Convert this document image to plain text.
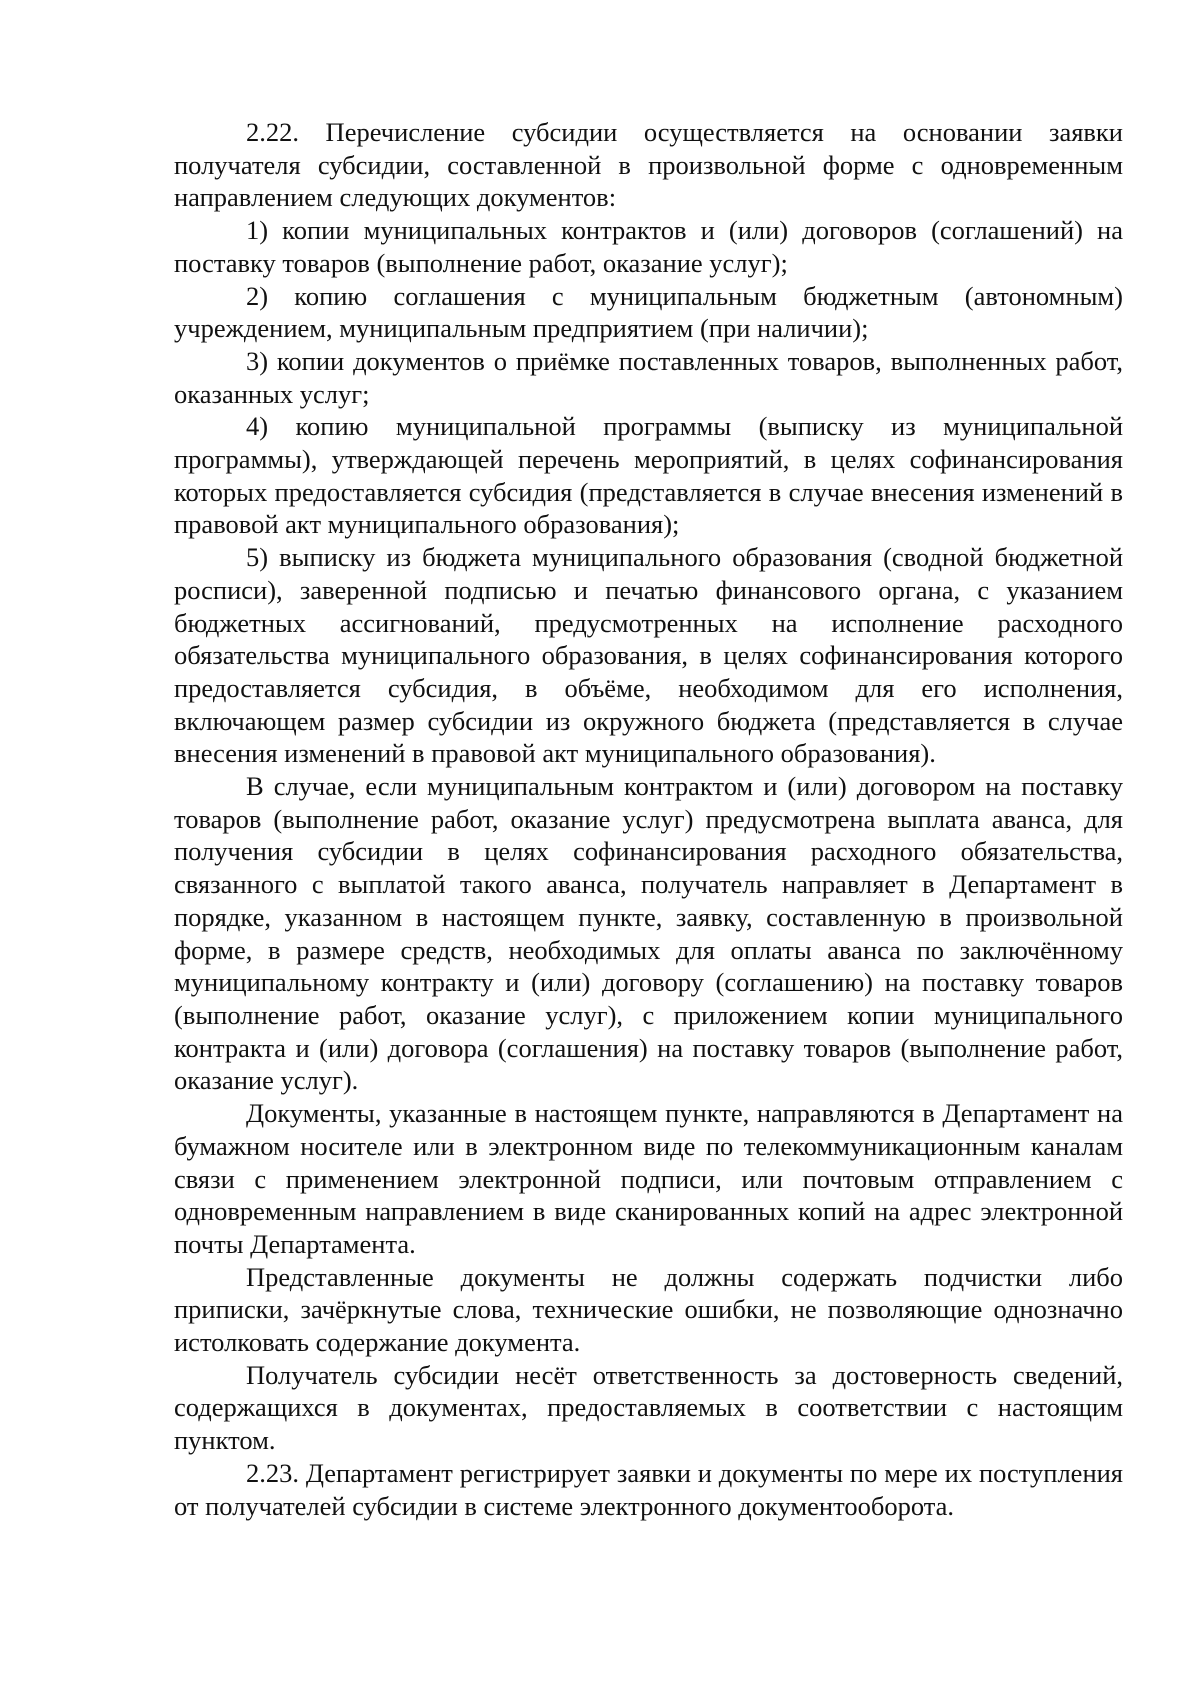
2.22. Перечисление субсидии осуществляется на основании заявки получателя субсидии, составленной в произвольной форме с одновременным направлением следующих документов:

1) копии муниципальных контрактов и (или) договоров (соглашений) на поставку товаров (выполнение работ, оказание услуг);

2) копию соглашения с муниципальным бюджетным (автономным) учреждением, муниципальным предприятием (при наличии);

3) копии документов о приёмке поставленных товаров, выполненных работ, оказанных услуг;

4) копию муниципальной программы (выписку из муниципальной программы), утверждающей перечень мероприятий, в целях софинансирования которых предоставляется субсидия (представляется в случае внесения изменений в правовой акт муниципального образования);

5) выписку из бюджета муниципального образования (сводной бюджетной росписи), заверенной подписью и печатью финансового органа, с указанием бюджетных ассигнований, предусмотренных на исполнение расходного обязательства муниципального образования, в целях софинансирования которого предоставляется субсидия, в объёме, необходимом для его исполнения, включающем размер субсидии из окружного бюджета (представляется в случае внесения изменений в правовой акт муниципального образования).

В случае, если муниципальным контрактом и (или) договором на поставку товаров (выполнение работ, оказание услуг) предусмотрена выплата аванса, для получения субсидии в целях софинансирования расходного обязательства, связанного с выплатой такого аванса, получатель направляет в Департамент в порядке, указанном в настоящем пункте, заявку, составленную в произвольной форме, в размере средств, необходимых для оплаты аванса по заключённому муниципальному контракту и (или) договору (соглашению) на поставку товаров (выполнение работ, оказание услуг), с приложением копии муниципального контракта и (или) договора (соглашения) на поставку товаров (выполнение работ, оказание услуг).

Документы, указанные в настоящем пункте, направляются в Департамент на бумажном носителе или в электронном виде по телекоммуникационным каналам связи с применением электронной подписи, или почтовым отправлением с одновременным направлением в виде сканированных копий на адрес электронной почты Департамента.

Представленные документы не должны содержать подчистки либо приписки, зачёркнутые слова, технические ошибки, не позволяющие однозначно истолковать содержание документа.

Получатель субсидии несёт ответственность за достоверность сведений, содержащихся в документах, предоставляемых в соответствии с настоящим пунктом.

2.23. Департамент регистрирует заявки и документы по мере их поступления от получателей субсидии в системе электронного документооборота.
